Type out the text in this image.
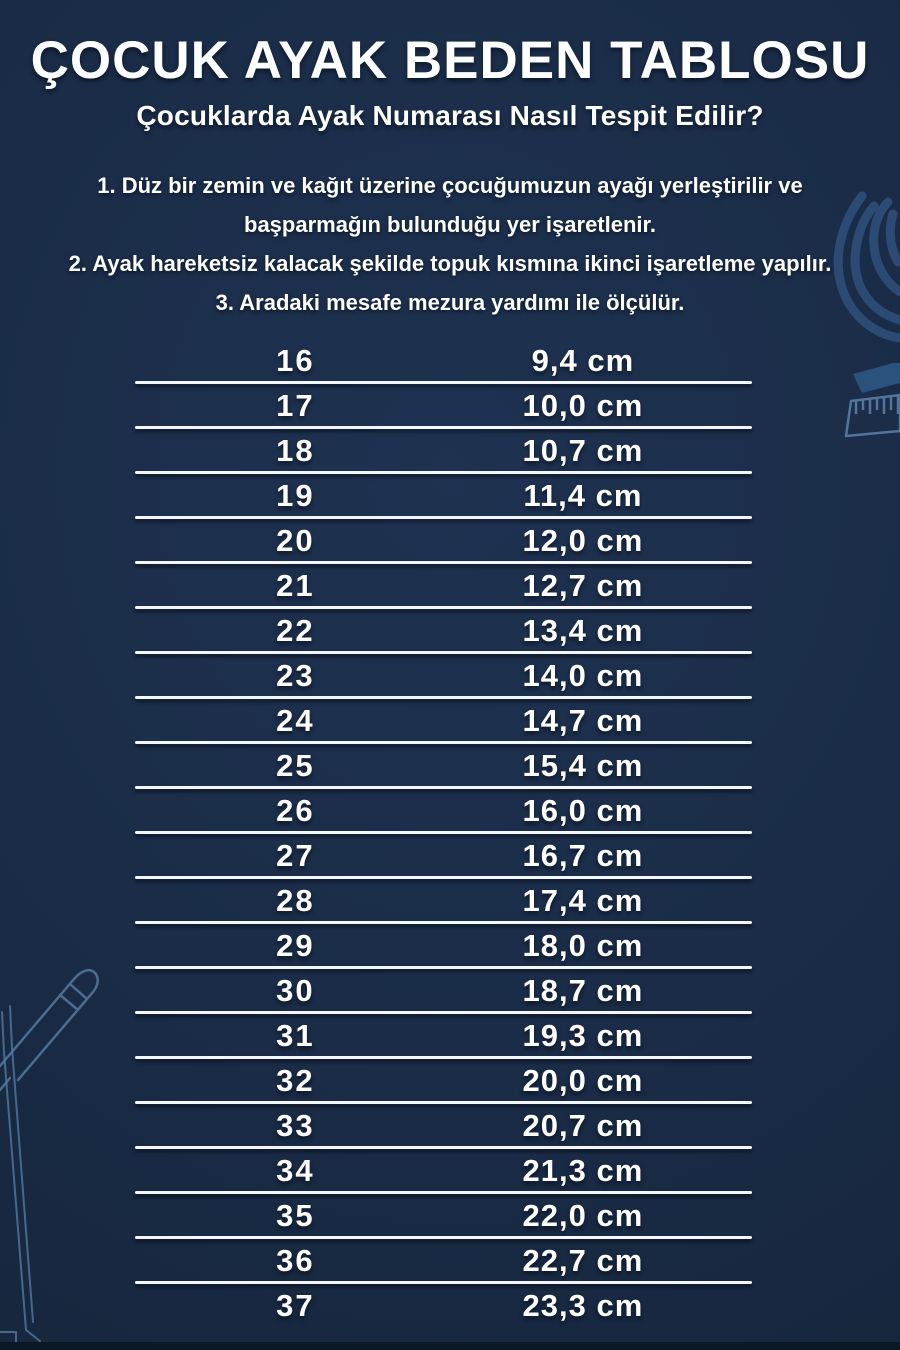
ÇOCUK AYAK BEDEN TABLOSU
Çocuklarda Ayak Numarası Nasıl Tespit Edilir?
1. Düz bir zemin ve kağıt üzerine çocuğumuzun ayağı yerleştirilir ve
başparmağın bulunduğu yer işaretlenir.
2. Ayak hareketsiz kalacak şekilde topuk kısmına ikinci işaretleme yapılır.
3. Aradaki mesafe mezura yardımı ile ölçülür.
16	9,4 cm
17	10,0 cm
18	10,7 cm
19	11,4 cm
20	12,0 cm
21	12,7 cm
22	13,4 cm
23	14,0 cm
24	14,7 cm
25	15,4 cm
26	16,0 cm
27	16,7 cm
28	17,4 cm
29	18,0 cm
30	18,7 cm
31	19,3 cm
32	20,0 cm
33	20,7 cm
34	21,3 cm
35	22,0 cm
36	22,7 cm
37	23,3 cm
